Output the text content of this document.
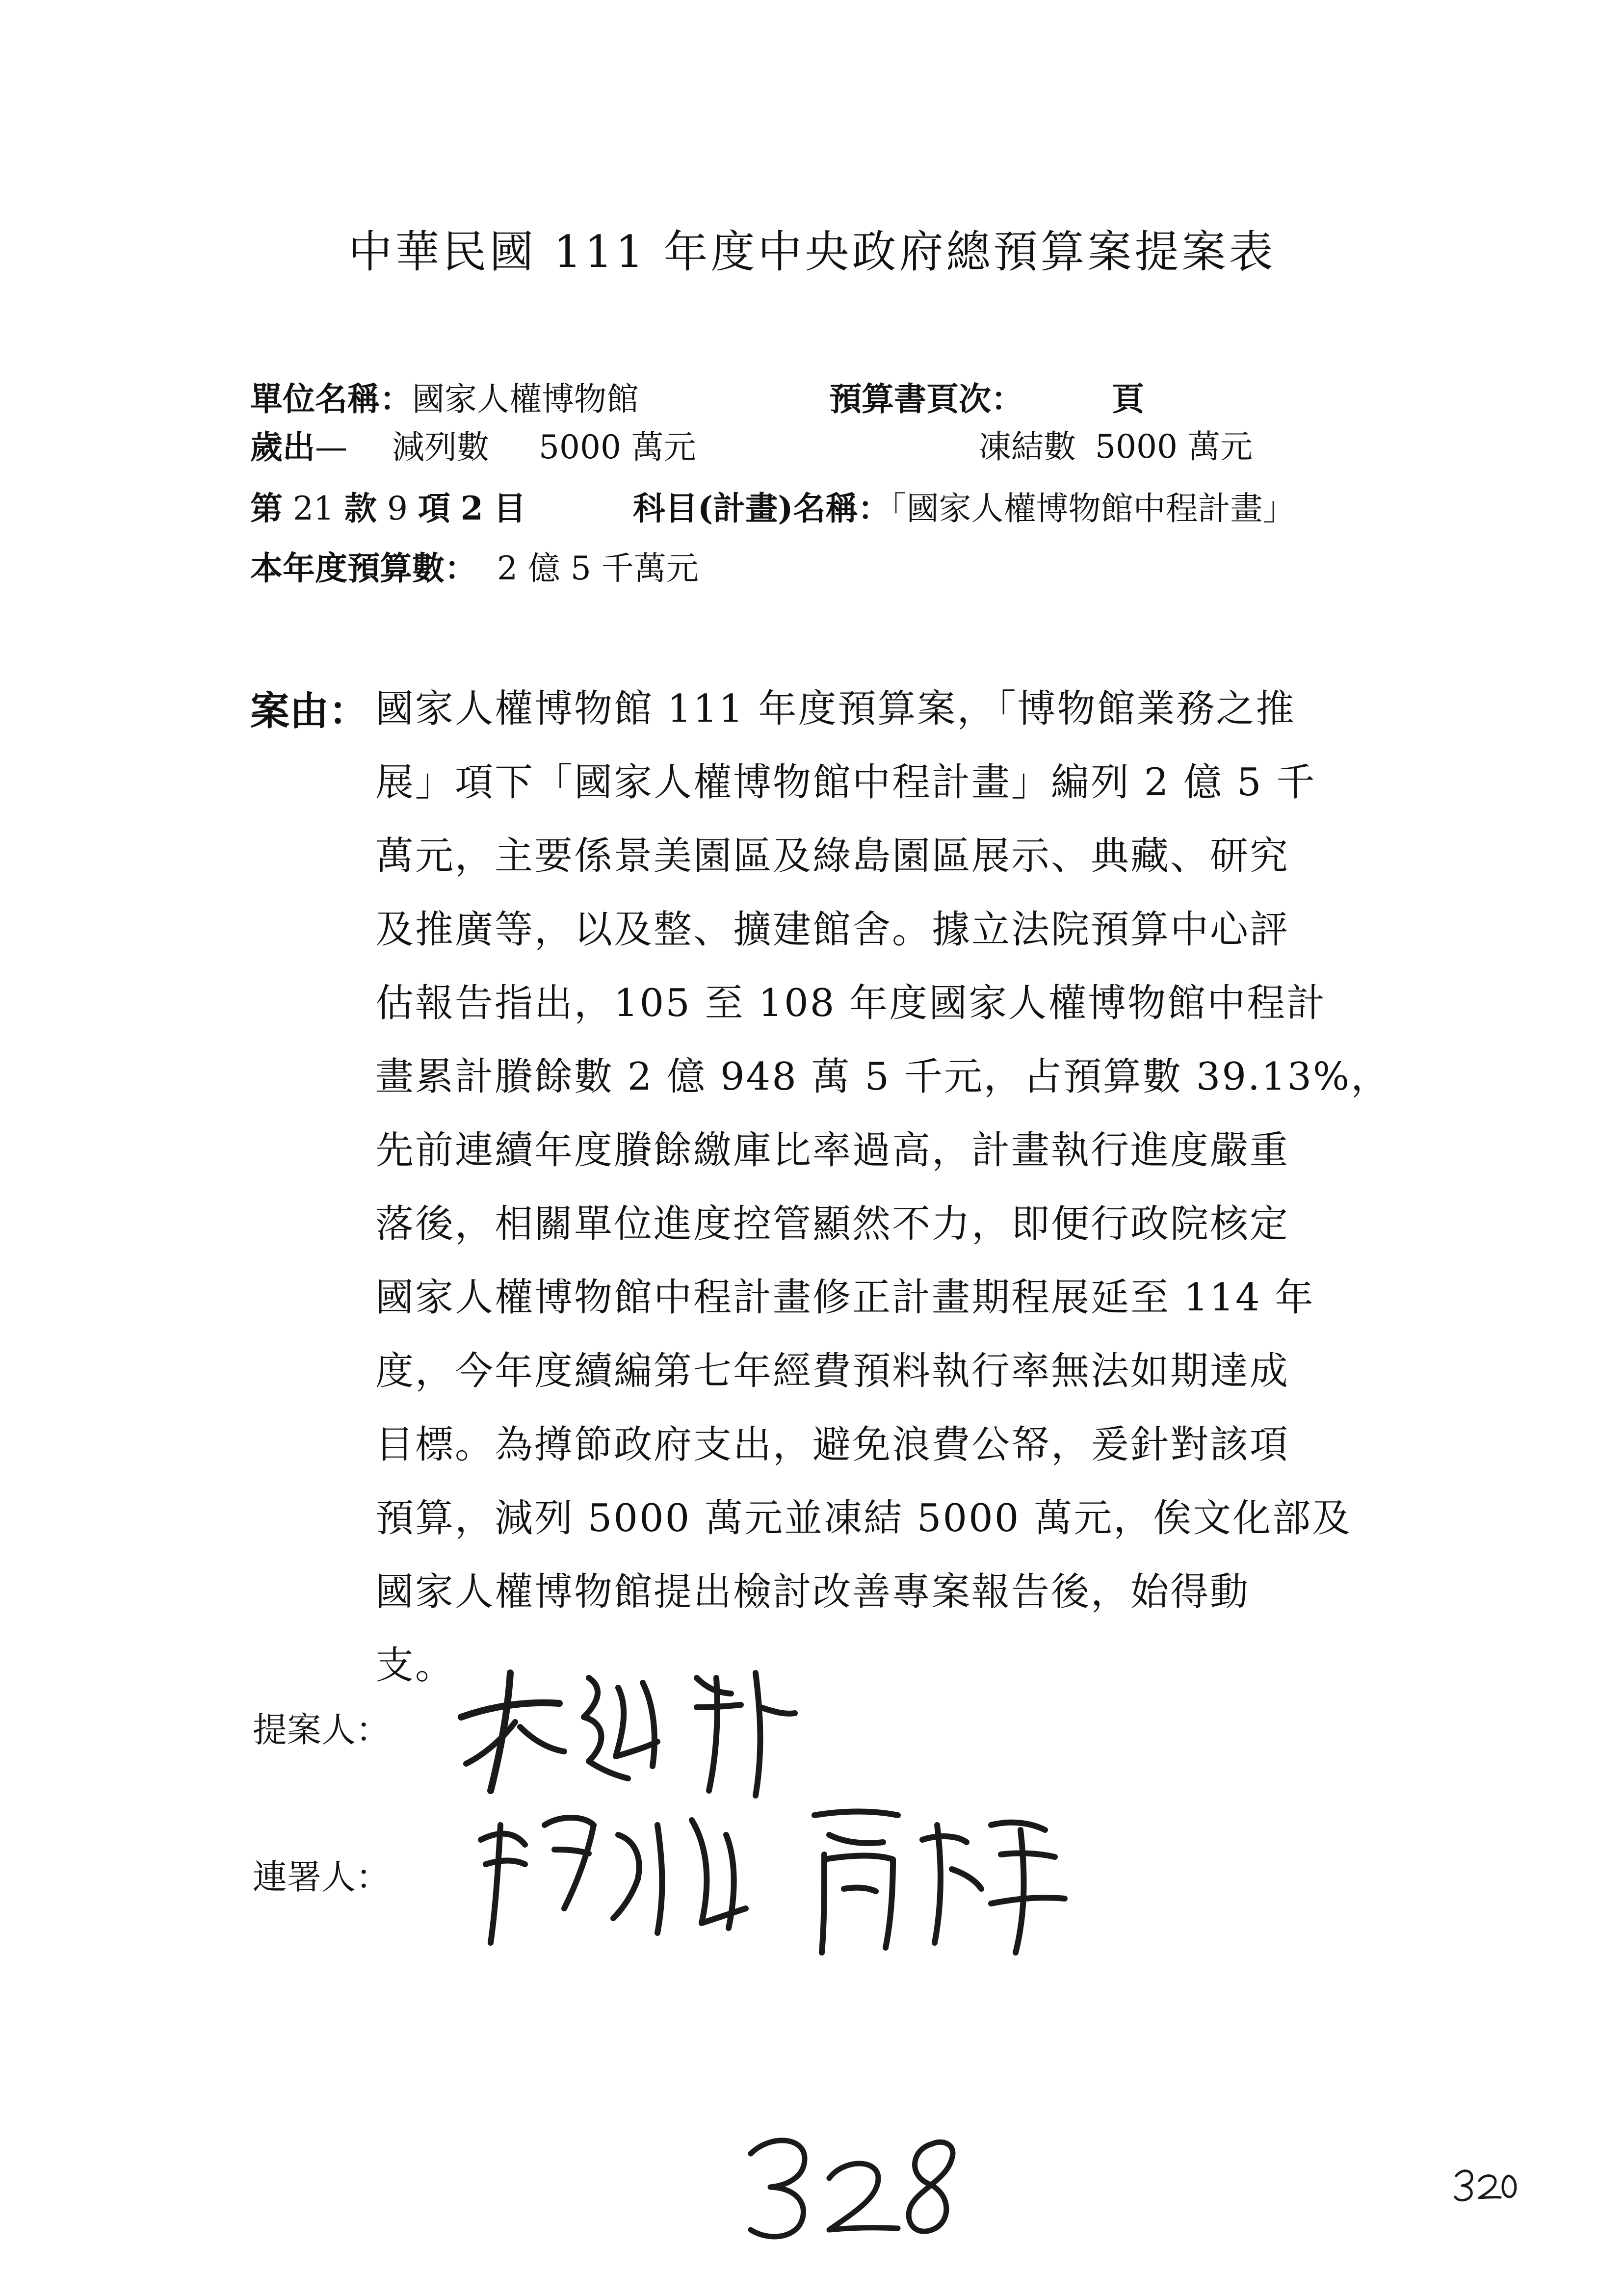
中華民國 111 年度中央政府總預算案提案表
單位名稱：國家人權博物館	預算書頁次：	頁
歲出— 減列數 5000 萬元	凍結數 5000 萬元
第 21 款 9 項 2 目	科目(計畫)名稱：「國家人權博物館中程計畫」
本年度預算數： 2 億 5 千萬元
案由： 國家人權博物館 111 年度預算案，「博物館業務之推
展」項下「國家人權博物館中程計畫」編列 2 億 5 千
萬元，主要係景美園區及綠島園區展示、典藏、研究
及推廣等，以及整、擴建館舍。據立法院預算中心評
估報告指出，105 至 108 年度國家人權博物館中程計
畫累計賸餘數 2 億 948 萬 5 千元，占預算數 39.13%，
先前連續年度賸餘繳庫比率過高，計畫執行進度嚴重
落後，相關單位進度控管顯然不力，即便行政院核定
國家人權博物館中程計畫修正計畫期程展延至 114 年
度，今年度續編第七年經費預料執行率無法如期達成
目標。為撙節政府支出，避免浪費公帑，爰針對該項
預算，減列 5000 萬元並凍結 5000 萬元，俟文化部及
國家人權博物館提出檢討改善專案報告後，始得動
支。
提案人：
連署人：
